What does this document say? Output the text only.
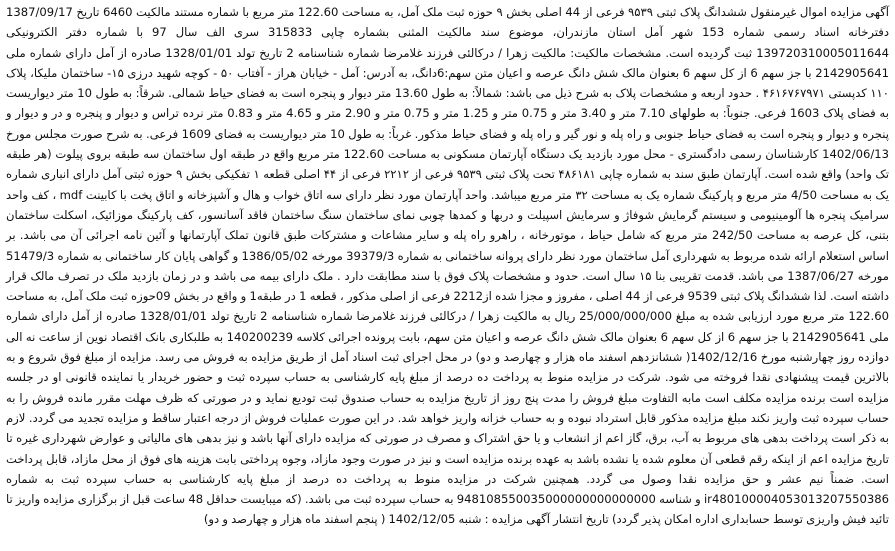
آگهی مزایده اموال غیرمنقول ششدانگ پلاک ثبتی ۹۵۳۹ فرعی از 44 اصلی بخش ۹ حوزه ثبت ملک آمل، به مساحت 122.60 متر مربع با شماره مستند مالکیت 6460 تاریخ 1387/09/17 دفترخانه اسناد رسمی شماره 153 شهر آمل استان مازندران، موضوع سند مالکیت المثنی بشماره چاپی 315833 سری الف سال 97 با شماره دفتر الکترونیکی 139720310005011644 ثبت گردیده است. مشخصات مالکیت: مالکیت زهرا / درکالئی فرزند غلامرضا شماره شناسنامه 2 تاریخ تولد 1328/01/01 صادره از آمل دارای شماره ملی 2142905641 با جز سهم 6 از کل سهم 6 بعنوان مالک شش دانگ عرصه و اعیان متن سهم:6دانگ، به آدرس: آمل - خیابان هراز - آفتاب ۵۰ - کوچه شهید درزی ۱۵- ساختمان ملیکا، پلاک ۱۱۰ کدپستی ۴۶۱۶۷۶۷۹۷۱ . حدود اربعه و مشخصات پلاک به شرح ذیل می باشد: شمالاً: به طول 13.60 متر دیوار و پنجره است به فضای حیاط شمالی. شرقاً: به طول 10 متر دیواریست به فضای پلاک 1603 فرعی. جنوباً: به طولهای 7.10 متر و 3.40 متر و 0.75 متر و 1.25 متر و 0.75 متر و 2.90 متر و 4.65 متر و 0.83 متر نرده تراس و دیوار و پنجره و در و دیوار و پنجره و دیوار و پنجره است به فضای حیاط جنوبی و راه پله و نور گیر و راه پله و فضای حیاط مذکور. غرباً: به طول 10 متر دیواریست به فضای 1609 فرعی. به شرح صورت مجلس مورخ 1402/06/13 کارشناسان رسمی دادگستری - محل مورد بازدید یک دستگاه آپارتمان مسکونی به مساحت 122.60 متر مربع واقع در طبقه اول ساختمان سه طبقه بروی پیلوت (هر طبقه تک واحد) واقع شده است. آپارتمان طبق سند به شماره چاپی ۴۸۶۱۸۱ تحت پلاک ثبتی ۹۵۳۹ فرعی از ۲۲۱۲ فرعی از ۴۴ اصلی قطعه ۱ تفکیکی بخش ۹ حوزه ثبتی آمل دارای انباری شماره یک به مساحت 4/50 متر مربع و پارکینگ شماره یک به مساحت ۳۲ متر مربع میباشد. واحد آپارتمان مورد نظر دارای سه اتاق خواب و هال و آشپزخانه و اتاق پخت با کابینت mdf ، کف واحد سرامیک پنجره ها آلومینیومی و سیستم گرمایش شوفاژ و سرمایش اسپیلت و دربها و کمدها چوبی نمای ساختمان سنگ ساختمان فاقد آسانسور، کف پارکینگ موزائیک، اسکلت ساختمان بتنی، کل عرصه به مساحت 242/50 متر مربع که شامل حیاط ، موتورخانه ، راهرو راه پله و سایر مشاعات و مشترکات طبق قانون تملک آپارتمانها و آئین نامه اجرائی آن می باشد. بر اساس استعلام ارائه شده مربوط به شهرداری آمل ساختمان مورد نظر دارای پروانه ساختمانی به شماره 39379/3 مورخه 1386/05/02 و گواهی پایان کار ساختمانی به شماره 51479/3 مورخه 1387/06/27 می باشد. قدمت تقریبی بنا ۱۵ سال است. حدود و مشخصات پلاک فوق با سند مطابقت دارد . ملک دارای بیمه می باشد و در زمان بازدید ملک در تصرف مالک قرار داشته است. لذا ششدانگ پلاک ثبتی 9539 فرعی از 44 اصلی ، مفروز و مجزا شده از2212 فرعی از اصلی مذکور ، قطعه 1 در طبقه1 و واقع در بخش 09حوزه ثبت ملک آمل، به مساحت 122.60 متر مربع مورد ارزیابی شده به مبلغ 25/000/000/000 ریال به مالکیت زهرا / درکالئی فرزند غلامرضا شماره شناسنامه 2 تاریخ تولد 1328/01/01 صادره از آمل دارای شماره ملی 2142905641 با جز سهم 6 از کل سهم 6 بعنوان مالک شش دانگ عرصه و اعیان متن سهم، بابت پرونده اجرائی کلاسه 140200239 به طلبکاری بانک اقتصاد نوین از ساعت نه الی دوازده روز چهارشنبه مورخ 1402/12/16( ششانزدهم اسفند ماه هزار و چهارصد و دو) در محل اجرای ثبت اسناد آمل از طریق مزایده به فروش می رسد. مزایده از مبلغ فوق شروع و به بالاترین قیمت پیشنهادی نقدا فروخته می شود. شرکت در مزایده منوط به پرداخت ده درصد از مبلغ پایه کارشناسی به حساب سپرده ثبت و حضور خریدار یا نماینده قانونی او در جلسه مزایده است برنده مزایده مکلف است مابه التفاوت مبلغ فروش را مدت پنج روز از تاریخ مزایده به حساب صندوق ثبت تودیع نماید و در صورتی که ظرف مهلت مقرر مانده فروش را به حساب سپرده ثبت واریز نکند مبلغ مزایده مذکور قابل استرداد نبوده و به حساب خزانه واریز خواهد شد. در این صورت عملیات فروش از درجه اعتبار ساقط و مزایده تجدید می گردد. لازم به ذکر است پرداخت بدهی های مربوط به آب، برق، گاز اعم از انشعاب و یا حق اشتراک و مصرف در صورتی که مزایده دارای آنها باشد و نیز بدهی های مالیاتی و عوارض شهرداری غیره تا تاریخ مزایده اعم از اینکه رقم قطعی آن معلوم شده یا نشده باشد به عهده برنده مزایده است و نیز در صورت وجود مازاد، وجوه پرداختی بابت هزینه های فوق از محل مازاد، قابل پرداخت است. ضمناً نیم عشر و حق مزایده نقدا وصول می گردد. همچنین شرکت در مزایده منوط به پرداخت ده درصد از مبلغ پایه کارشناسی به حساب سپرده ثبت به شماره ir480100004053013207550386 و شناسه 948108550035000000000000000 به حساب سپرده ثبت می باشد. (که میبایست حداقل 48 ساعت قبل از برگزاری مزایده واریز تا تائید فیش واریزی توسط حسابداری اداره امکان پذیر گردد) تاریخ انتشار آگهی مزایده : شنبه 1402/12/05 ( پنجم اسفند ماه هزار و چهارصد و دو)
